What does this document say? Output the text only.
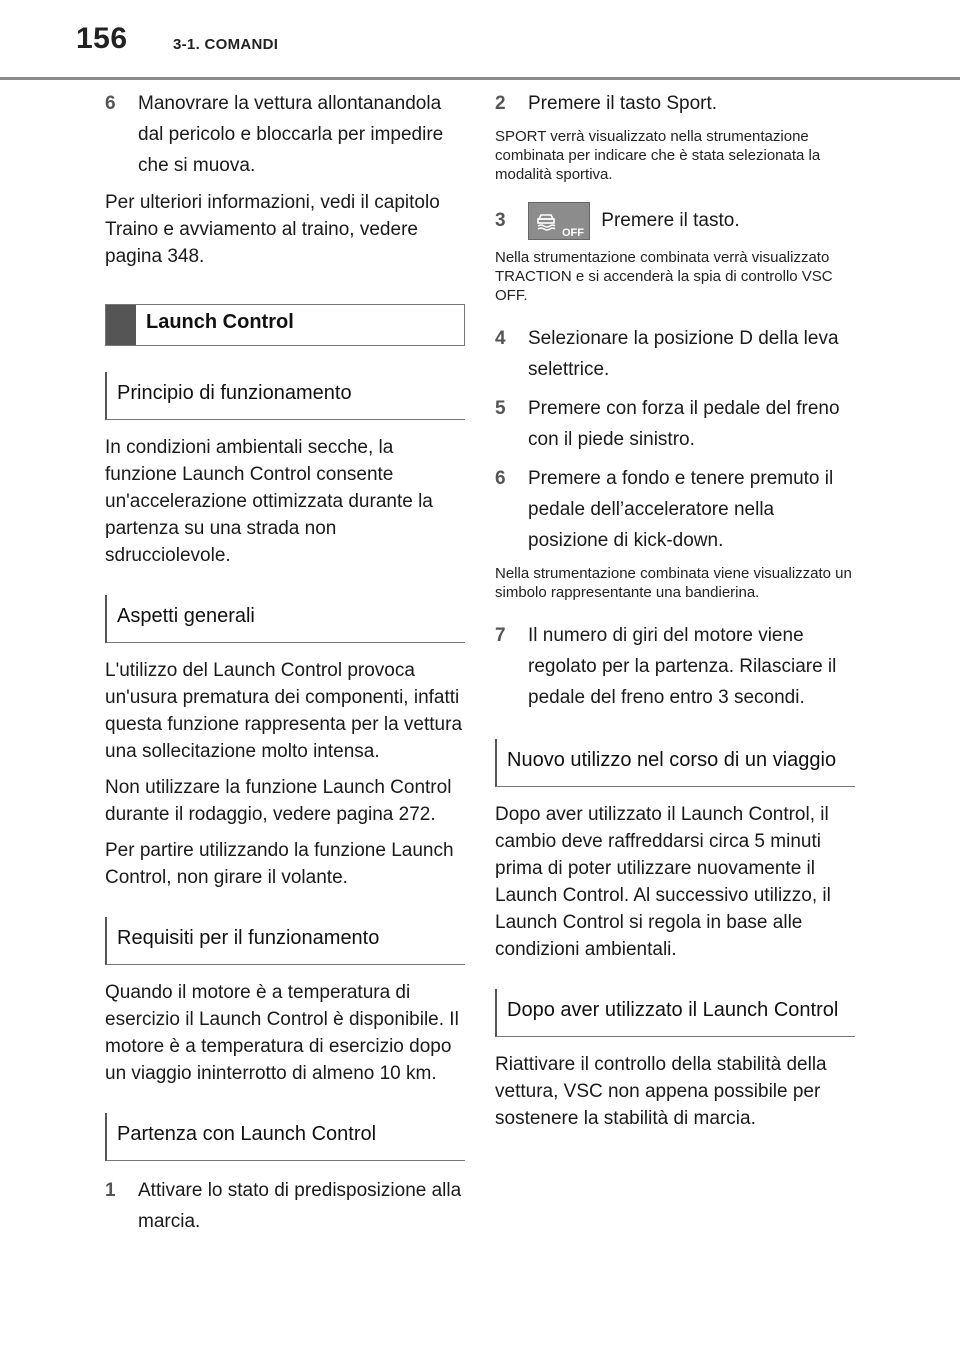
156	3-1. COMANDI
6 Manovrare la vettura allontanandola dal pericolo e bloccarla per impedire che si muova.
Per ulteriori informazioni, vedi il capitolo Traino e avviamento al traino, vedere pagina 348.
Launch Control
Principio di funzionamento
In condizioni ambientali secche, la funzione Launch Control consente un'accelerazione ottimizzata durante la partenza su una strada non sdrucciolevole.
Aspetti generali
L'utilizzo del Launch Control provoca un'usura prematura dei componenti, infatti questa funzione rappresenta per la vettura una sollecitazione molto intensa.
Non utilizzare la funzione Launch Control durante il rodaggio, vedere pagina 272.
Per partire utilizzando la funzione Launch Control, non girare il volante.
Requisiti per il funzionamento
Quando il motore è a temperatura di esercizio il Launch Control è disponibile. Il motore è a temperatura di esercizio dopo un viaggio ininterrotto di almeno 10 km.
Partenza con Launch Control
1 Attivare lo stato di predisposizione alla marcia.
2 Premere il tasto Sport.
SPORT verrà visualizzato nella strumentazione combinata per indicare che è stata selezionata la modalità sportiva.
3
OFF
Premere il tasto.
Nella strumentazione combinata verrà visualizzato TRACTION e si accenderà la spia di controllo VSC OFF.
4 Selezionare la posizione D della leva selettrice.
5 Premere con forza il pedale del freno con il piede sinistro.
6 Premere a fondo e tenere premuto il pedale dell’acceleratore nella posizione di kick-down.
Nella strumentazione combinata viene visualizzato un simbolo rappresentante una bandierina.
7 Il numero di giri del motore viene regolato per la partenza. Rilasciare il pedale del freno entro 3 secondi.
Nuovo utilizzo nel corso di un viaggio
Dopo aver utilizzato il Launch Control, il cambio deve raffreddarsi circa 5 minuti prima di poter utilizzare nuovamente il Launch Control. Al successivo utilizzo, il Launch Control si regola in base alle condizioni ambientali.
Dopo aver utilizzato il Launch Control
Riattivare il controllo della stabilità della vettura, VSC non appena possibile per sostenere la stabilità di marcia.
